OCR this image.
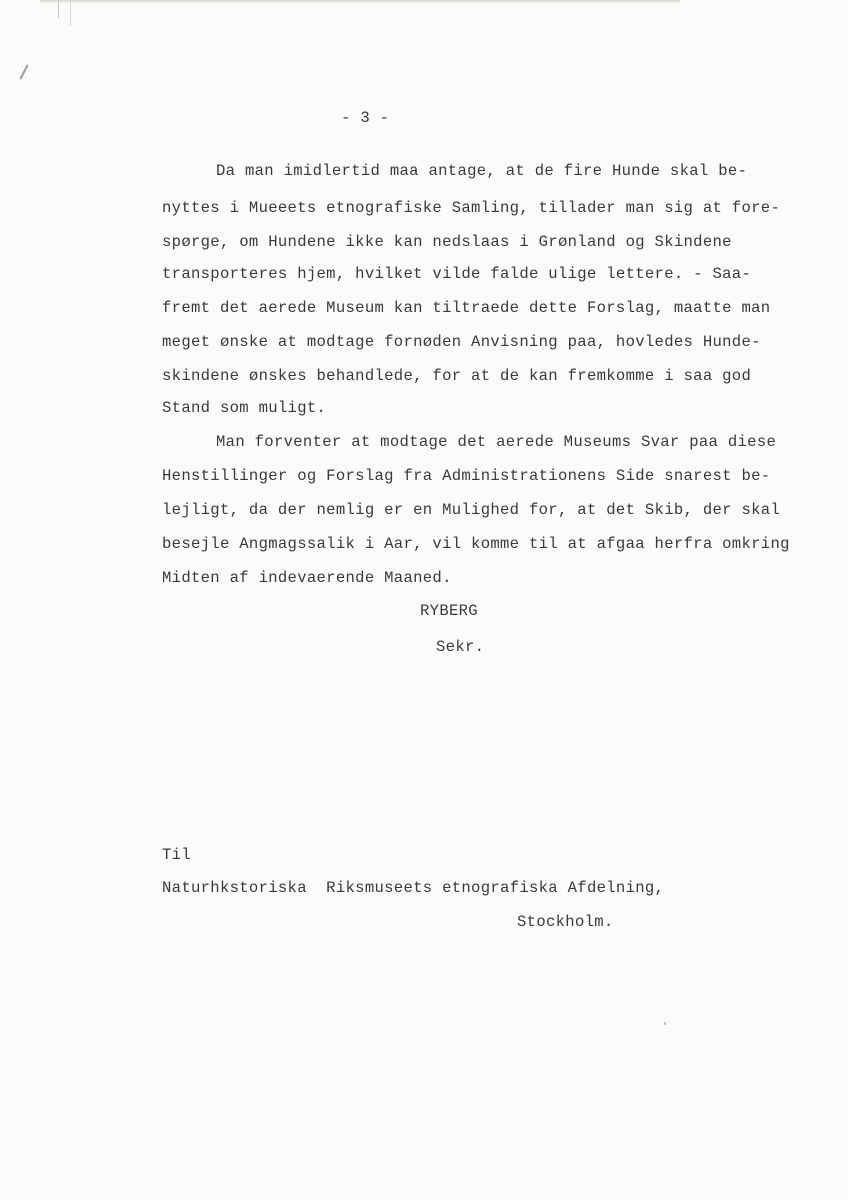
- 3 -
Da man imidlertid maa antage, at de fire Hunde skal be-
nyttes i Mueeets etnografiske Samling, tillader man sig at fore-
spørge, om Hundene ikke kan nedslaas i Grønland og Skindene
transporteres hjem, hvilket vilde falde ulige lettere. - Saa-
fremt det aerede Museum kan tiltraede dette Forslag, maatte man
meget ønske at modtage fornøden Anvisning paa, hovledes Hunde-
skindene ønskes behandlede, for at de kan fremkomme i saa god
Stand som muligt.
Man forventer at modtage det aerede Museums Svar paa diese
Henstillinger og Forslag fra Administrationens Side snarest be-
lejligt, da der nemlig er en Mulighed for, at det Skib, der skal
besejle Angmagssalik i Aar, vil komme til at afgaa herfra omkring
Midten af indevaerende Maaned.
RYBERG
Sekr.
Til
Naturhkstoriska  Riksmuseets etnografiska Afdelning,
Stockholm.
